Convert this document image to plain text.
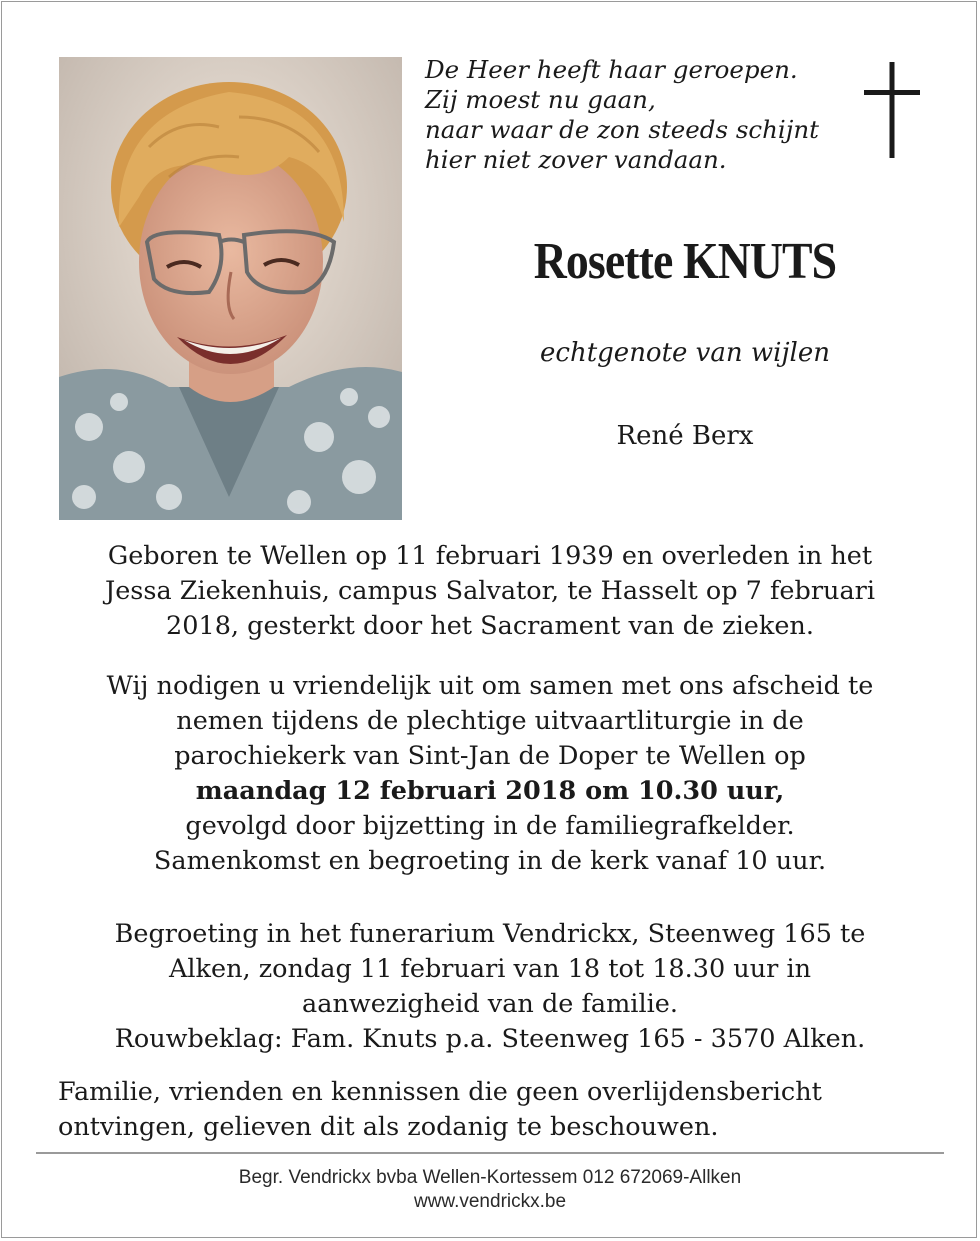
De Heer heeft haar geroepen.
Zij moest nu gaan,
naar waar de zon steeds schijnt
hier niet zover vandaan.
Rosette KNUTS
echtgenote van wijlen
René Berx
Geboren te Wellen op 11 februari 1939 en overleden in het
Jessa Ziekenhuis, campus Salvator, te Hasselt op 7 februari
2018, gesterkt door het Sacrament van de zieken.
Wij nodigen u vriendelijk uit om samen met ons afscheid te
nemen tijdens de plechtige uitvaartliturgie in de
parochiekerk van Sint-Jan de Doper te Wellen op
maandag 12 februari 2018 om 10.30 uur,
gevolgd door bijzetting in de familiegrafkelder.
Samenkomst en begroeting in de kerk vanaf 10 uur.
Begroeting in het funerarium Vendrickx, Steenweg 165 te
Alken, zondag 11 februari van 18 tot 18.30 uur in
aanwezigheid van de familie.
Rouwbeklag: Fam. Knuts p.a. Steenweg 165 - 3570 Alken.
Familie, vrienden en kennissen die geen overlijdensbericht
ontvingen, gelieven dit als zodanig te beschouwen.
Begr. Vendrickx bvba Wellen-Kortessem 012 672069-Allken
www.vendrickx.be
